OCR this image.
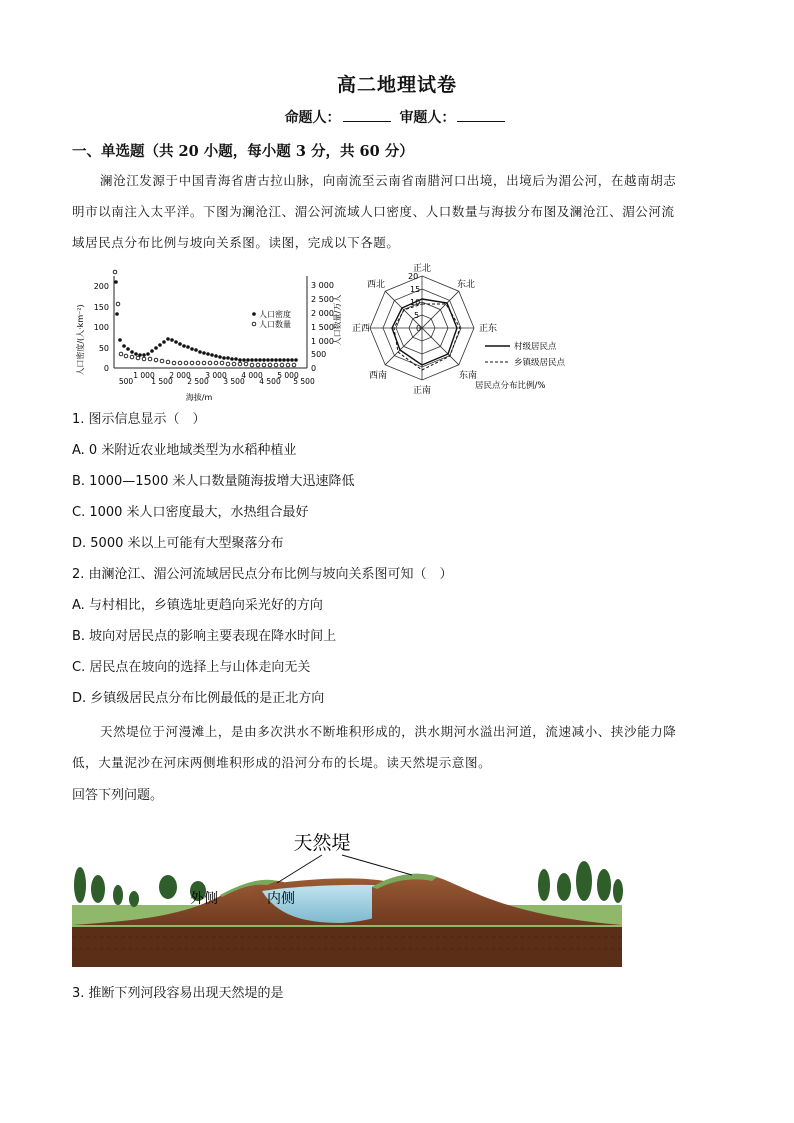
高二地理试卷
命题人：	审题人：
一、单选题（共 20 小题，每小题 3 分，共 60 分）
澜沧江发源于中国青海省唐古拉山脉，向南流至云南省南腊河口出境，出境后为湄公河，在越南胡志
明市以南注入太平洋。下图为澜沧江、湄公河流域人口密度、人口数量与海拔分布图及澜沧江、湄公河流
域居民点分布比例与坡向关系图。读图，完成以下各题。
人口密度/(人·km⁻²)
200
150
100
50
0
3 000
2 500
2 000
1 500
1 000
500
0
500
1 000
1 500
2 000
2 500
3 000
3 500
4 000
4 500
5 000
5 500
海拔/m
人口密度
人口数量	人口数量/万人
20
15
10
5
0
正北
东北
正东
东南
正南
西南
正西
西北
村级居民点
乡镇级居民点
居民点分布比例/%
1. 图示信息显示（　）
A. 0 米附近农业地域类型为水稻种植业
B. 1000—1500 米人口数量随海拔增大迅速降低
C. 1000 米人口密度最大，水热组合最好
D. 5000 米以上可能有大型聚落分布
2. 由澜沧江、湄公河流域居民点分布比例与坡向关系图可知（　）
A. 与村相比，乡镇选址更趋向采光好的方向
B. 坡向对居民点的影响主要表现在降水时间上
C. 居民点在坡向的选择上与山体走向无关
D. 乡镇级居民点分布比例最低的是正北方向
天然堤位于河漫滩上，是由多次洪水不断堆积形成的，洪水期河水溢出河道，流速减小、挟沙能力降
低，大量泥沙在河床两侧堆积形成的沿河分布的长堤。读天然堤示意图。
回答下列问题。
天然堤
外侧	内侧
3. 推断下列河段容易出现天然堤的是
